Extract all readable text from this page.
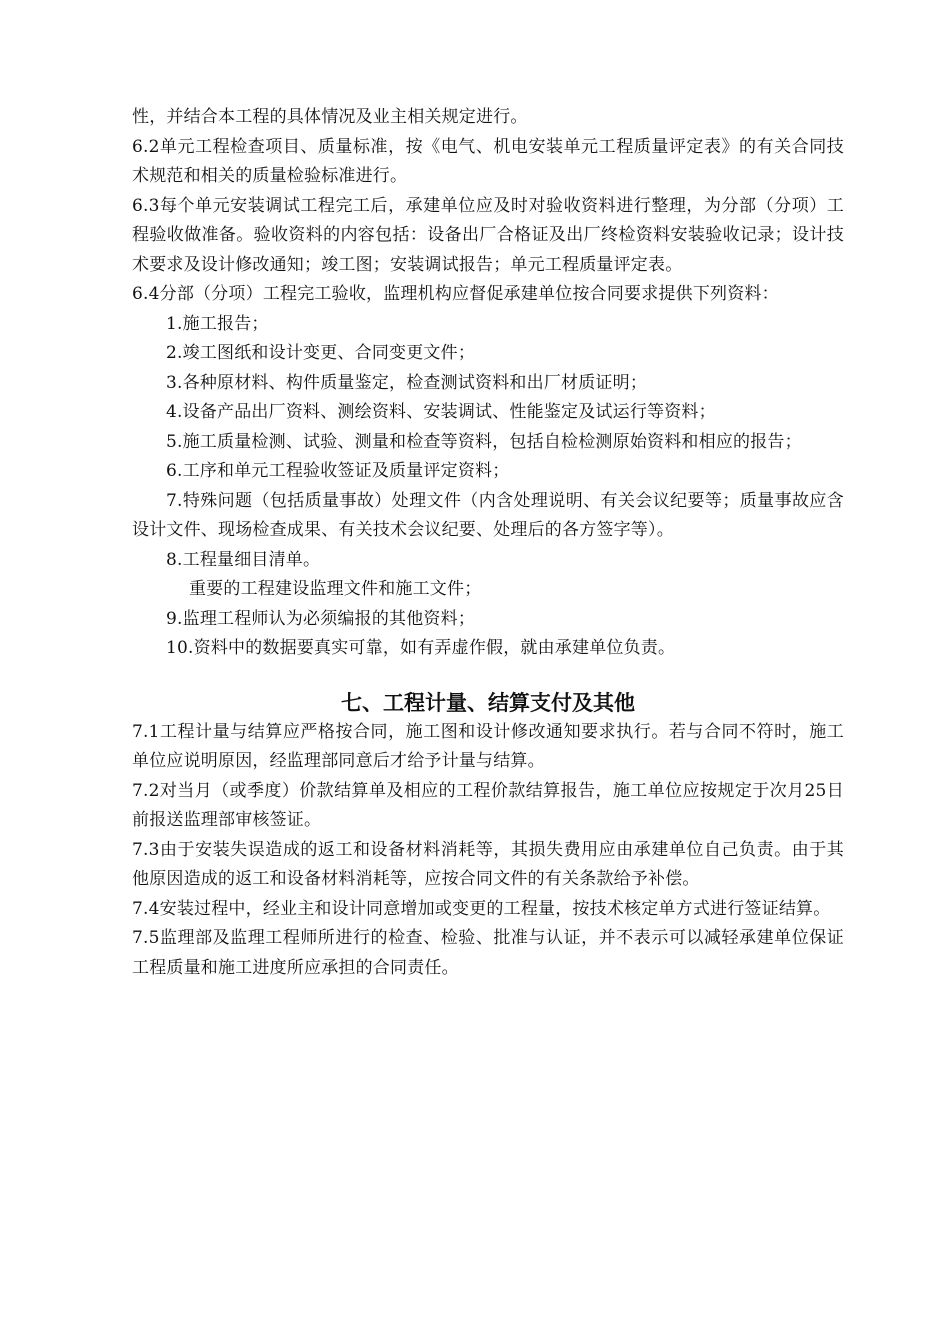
性，并结合本工程的具体情况及业主相关规定进行。

6.2单元工程检查项目、质量标准，按《电气、机电安装单元工程质量评定表》的有关合同技术规范和相关的质量检验标准进行。

6.3每个单元安装调试工程完工后，承建单位应及时对验收资料进行整理，为分部（分项）工程验收做准备。验收资料的内容包括：设备出厂合格证及出厂终检资料安装验收记录；设计技术要求及设计修改通知；竣工图；安装调试报告；单元工程质量评定表。

6.4分部（分项）工程完工验收，监理机构应督促承建单位按合同要求提供下列资料：

1.施工报告；

2.竣工图纸和设计变更、合同变更文件；

3.各种原材料、构件质量鉴定，检查测试资料和出厂材质证明；

4.设备产品出厂资料、测绘资料、安装调试、性能鉴定及试运行等资料；

5.施工质量检测、试验、测量和检查等资料，包括自检检测原始资料和相应的报告；

6.工序和单元工程验收签证及质量评定资料；

7.特殊问题（包括质量事故）处理文件（内含处理说明、有关会议纪要等；质量事故应含设计文件、现场检查成果、有关技术会议纪要、处理后的各方签字等）。

8.工程量细目清单。

重要的工程建设监理文件和施工文件；

9.监理工程师认为必须编报的其他资料；

10.资料中的数据要真实可靠，如有弄虚作假，就由承建单位负责。

七、工程计量、结算支付及其他

7.1工程计量与结算应严格按合同，施工图和设计修改通知要求执行。若与合同不符时，施工单位应说明原因，经监理部同意后才给予计量与结算。

7.2对当月（或季度）价款结算单及相应的工程价款结算报告，施工单位应按规定于次月25日前报送监理部审核签证。

7.3由于安装失误造成的返工和设备材料消耗等，其损失费用应由承建单位自己负责。由于其他原因造成的返工和设备材料消耗等，应按合同文件的有关条款给予补偿。

7.4安装过程中，经业主和设计同意增加或变更的工程量，按技术核定单方式进行签证结算。

7.5监理部及监理工程师所进行的检查、检验、批准与认证，并不表示可以减轻承建单位保证工程质量和施工进度所应承担的合同责任。
